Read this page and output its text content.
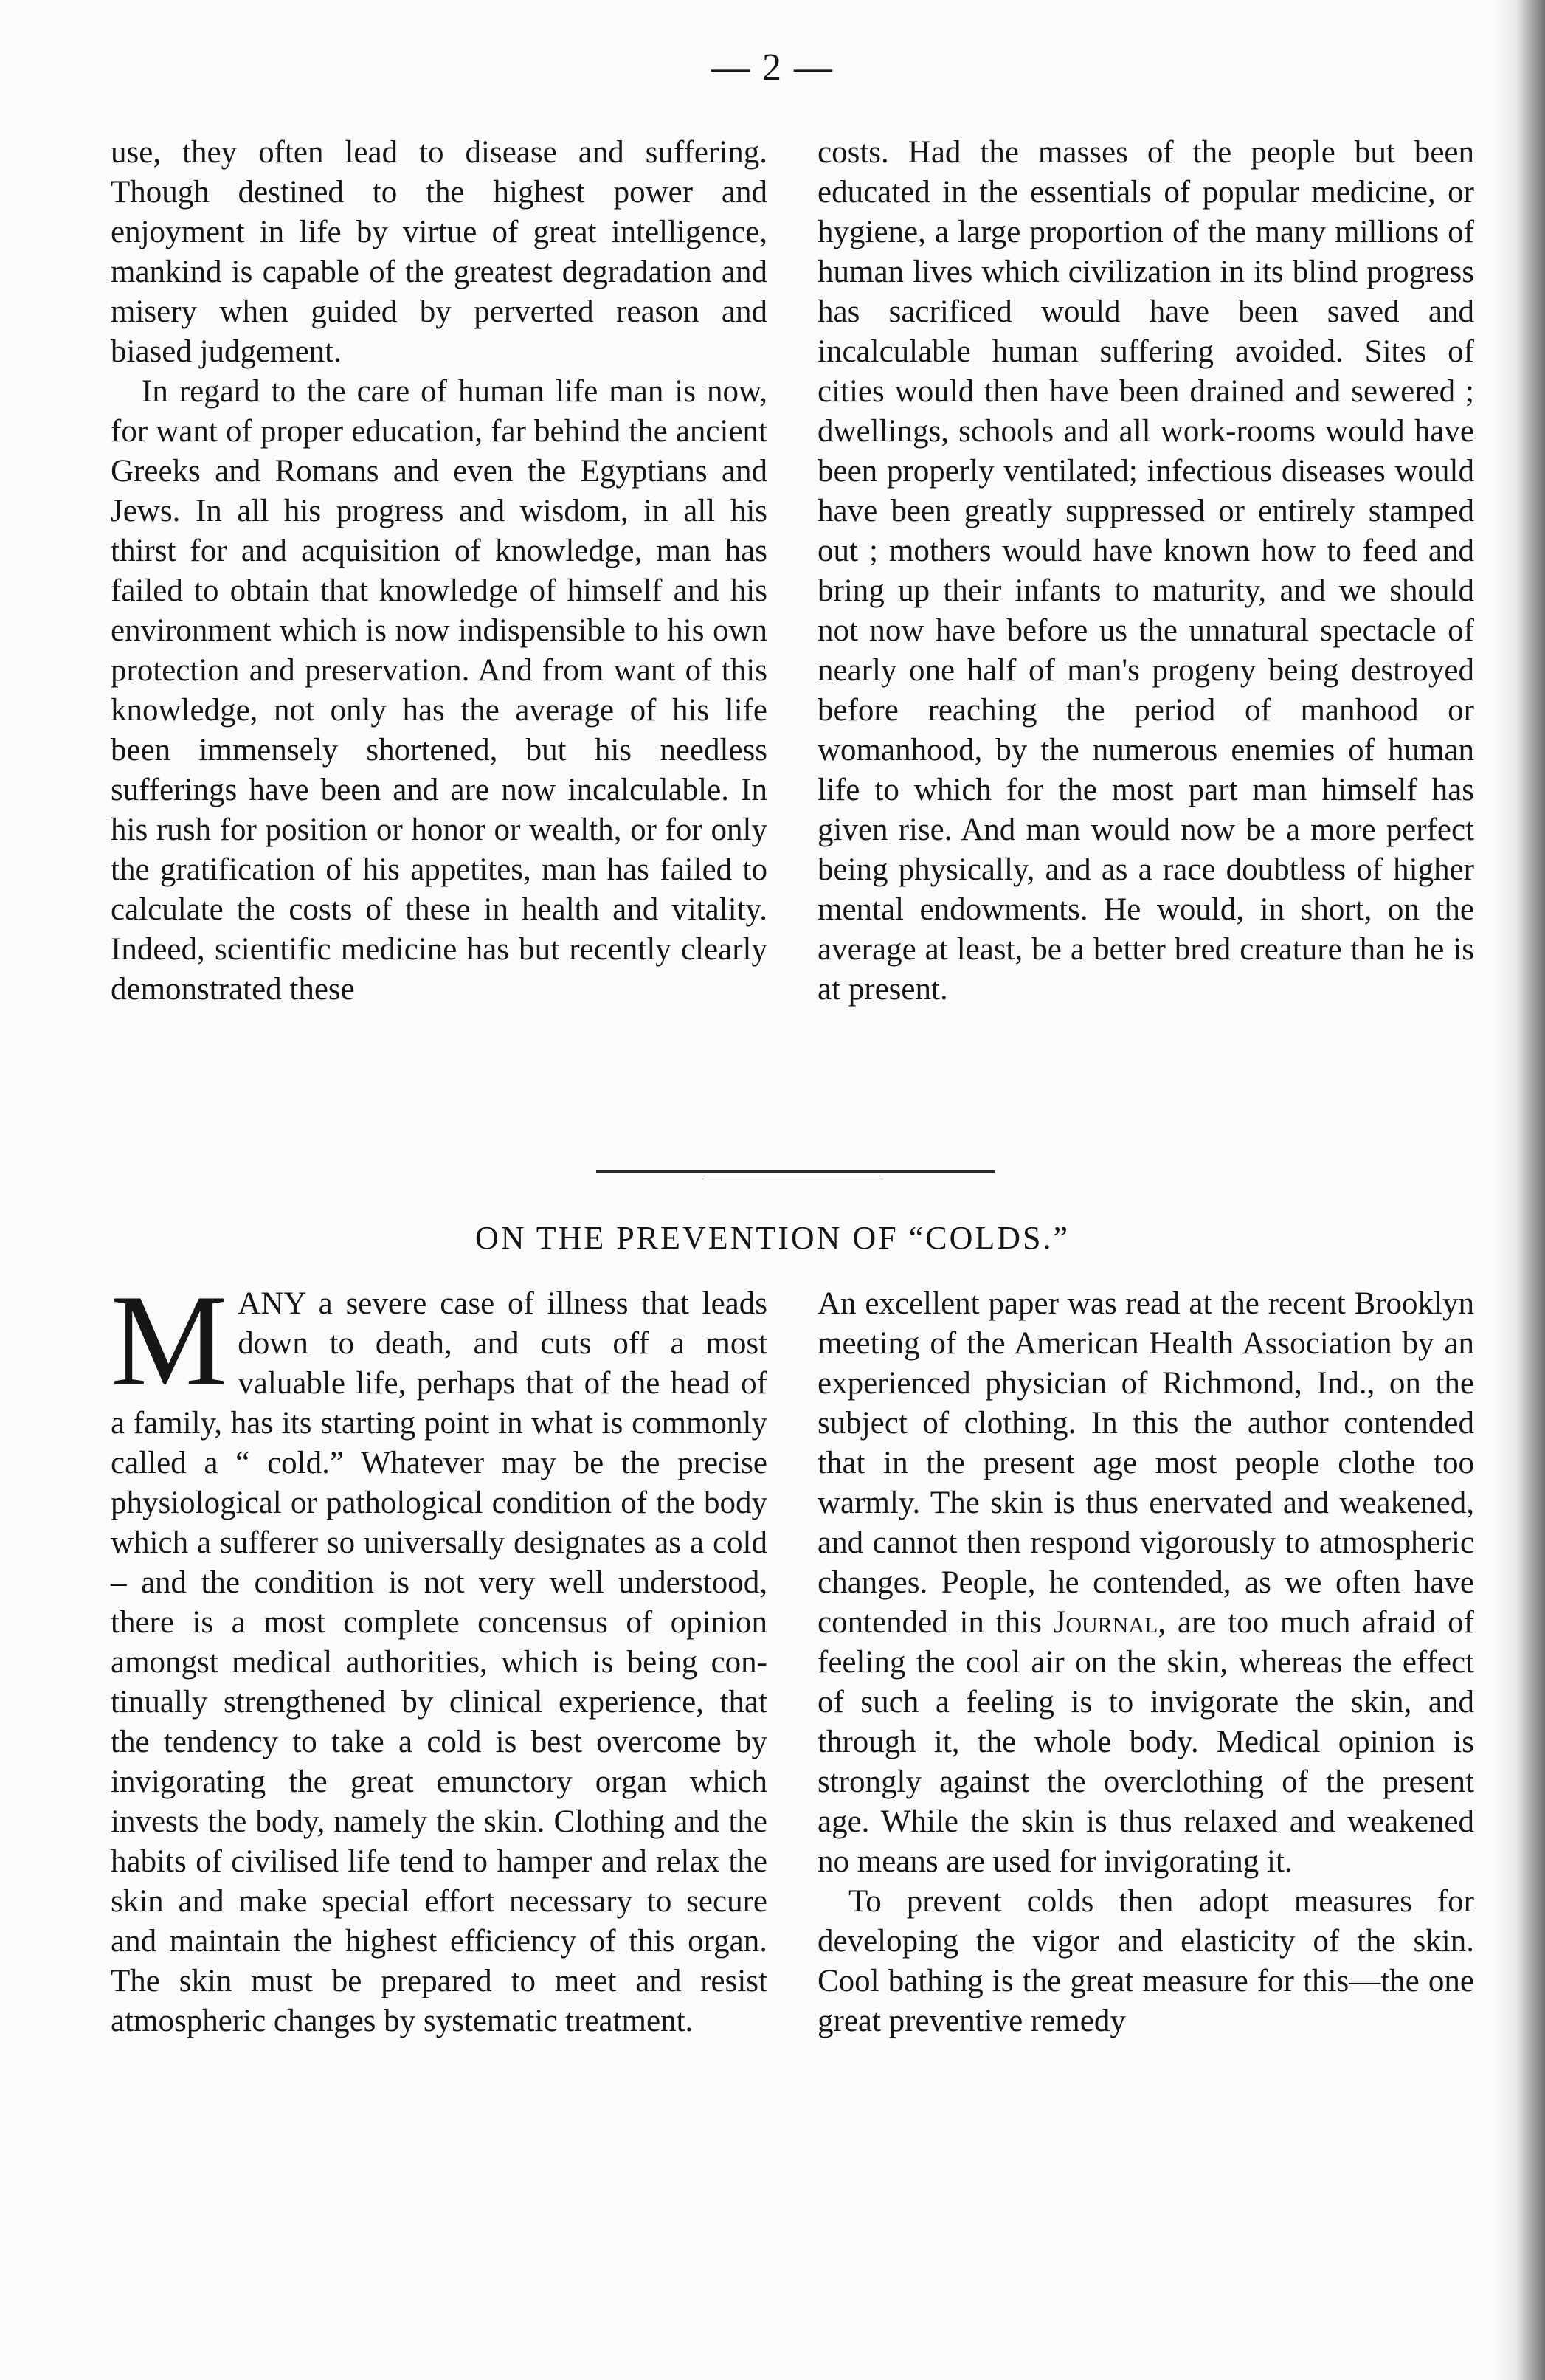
— 2 —

use, they often lead to disease and suffering. Though destined to the highest power and enjoyment in life by virtue of great intelligence, mankind is capable of the greatest degradation and misery when guided by perverted reason and biased judgement.

In regard to the care of human life man is now, for want of proper education, far behind the ancient Greeks and Romans and even the Egyptians and Jews. In all his progress and wisdom, in all his thirst for and acquisition of knowledge, man has failed to obtain that knowledge of himself and his environment which is now indispensible to his own protection and preservation. And from want of this knowledge, not only has the average of his life been immensely shortened, but his needless sufferings have been and are now incalculable. In his rush for position or honor or wealth, or for only the gratification of his appetites, man has failed to calculate the costs of these in health and vitality. Indeed, scientific medicine has but recently clearly demonstrated these

costs. Had the masses of the people but been educated in the essentials of popular medicine, or hygiene, a large proportion of the many millions of human lives which civilization in its blind progress has sacrificed would have been saved and incalculable human suffering avoided. Sites of cities would then have been drained and sewered ; dwellings, schools and all work-rooms would have been properly ventilated; infectious diseases would have been greatly suppressed or entirely stamped out ; mothers would have known how to feed and bring up their infants to maturity, and we should not now have before us the unnatural spectacle of nearly one half of man's progeny being destroyed before reaching the period of manhood or womanhood, by the numerous enemies of human life to which for the most part man himself has given rise. And man would now be a more perfect being physically, and as a race doubtless of higher mental endowments. He would, in short, on the average at least, be a better bred creature than he is at present.

ON THE PREVENTION OF “COLDS.”

MANY a severe case of illness that leads down to death, and cuts off a most valuable life, perhaps that of the head of a family, has its starting point in what is commonly called a “ cold.” Whatever may be the precise physiological or pathological condition of the body which a sufferer so universally designates as a cold – and the condition is not very well understood, there is a most complete concensus of opinion amongst medical authorities, which is being continually strengthened by clinical experience, that the tendency to take a cold is best overcome by invigorating the great emunctory organ which invests the body, namely the skin. Clothing and the habits of civilised life tend to hamper and relax the skin and make special effort necessary to secure and maintain the highest efficiency of this organ. The skin must be prepared to meet and resist atmospheric changes by systematic treatment.

An excellent paper was read at the recent Brooklyn meeting of the American Health Association by an experienced physician of Richmond, Ind., on the subject of clothing. In this the author contended that in the present age most people clothe too warmly. The skin is thus enervated and weakened, and cannot then respond vigorously to atmospheric changes. People, he contended, as we often have contended in this Journal, are too much afraid of feeling the cool air on the skin, whereas the effect of such a feeling is to invigorate the skin, and through it, the whole body. Medical opinion is strongly against the overclothing of the present age. While the skin is thus relaxed and weakened no means are used for invigorating it.

To prevent colds then adopt measures for developing the vigor and elasticity of the skin. Cool bathing is the great measure for this—the one great preventive remedy
